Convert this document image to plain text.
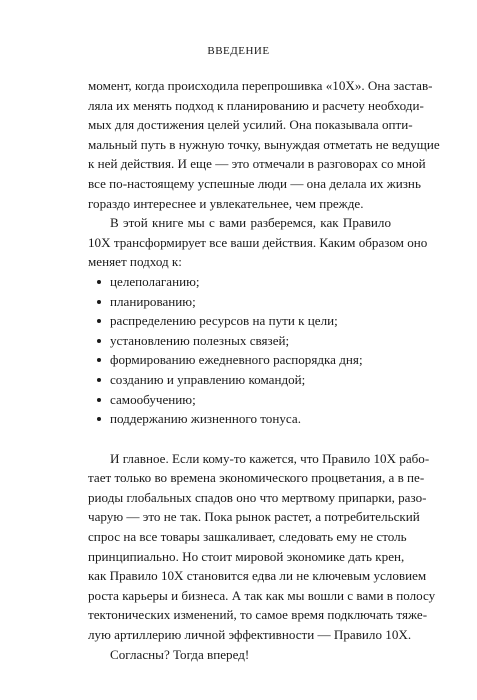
ВВЕДЕНИЕ
момент, когда происходила перепрошивка «10X». Она застав-
ляла их менять подход к планированию и расчету необходи-
мых для достижения целей усилий. Она показывала опти-
мальный путь в нужную точку, вынуждая отметать не ведущие
к ней действия. И еще — это отмечали в разговорах со мной
все по-настоящему успешные люди — она делала их жизнь
гораздо интереснее и увлекательнее, чем прежде.
В этой книге мы с вами разберемся, как Правило
10X трансформирует все ваши действия. Каким образом оно
меняет подход к:
целеполаганию;
планированию;
распределению ресурсов на пути к цели;
установлению полезных связей;
формированию ежедневного распорядка дня;
созданию и управлению командой;
самообучению;
поддержанию жизненного тонуса.
И главное. Если кому-то кажется, что Правило 10X рабо-
тает только во времена экономического процветания, а в пе-
риоды глобальных спадов оно что мертвому припарки, разо-
чарую — это не так. Пока рынок растет, а потребительский
спрос на все товары зашкаливает, следовать ему не столь
принципиально. Но стоит мировой экономике дать крен,
как Правило 10X становится едва ли не ключевым условием
роста карьеры и бизнеса. А так как мы вошли с вами в полосу
тектонических изменений, то самое время подключать тяже-
лую артиллерию личной эффективности — Правило 10X.
Согласны? Тогда вперед!
